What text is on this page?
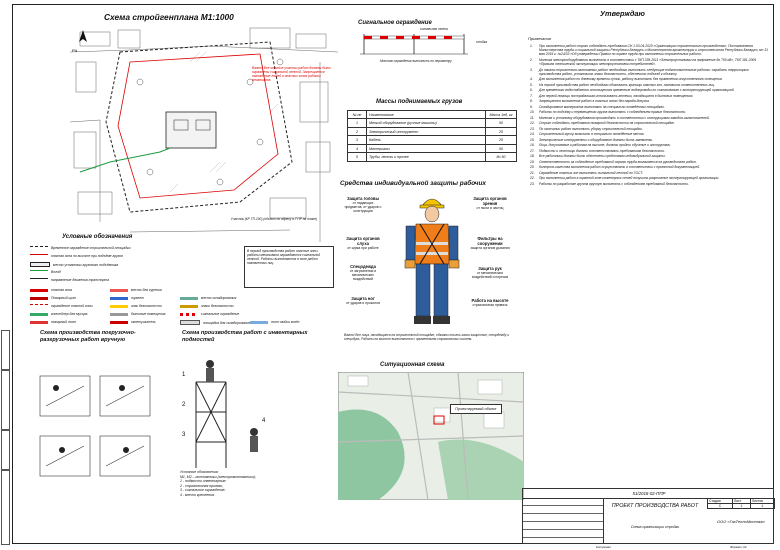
Схема стройгенплана М1:1000
РЧ
Важно! Все опасные участки работ должны быть ограждены сигнальной лентой. Запрещается нахождение людей в опасных зонах работы механизмов.
Участок (КР ТП-100) (объект по адресу п.7 ПР на плане)
В период производства работ опасные зоны работы механизмов ограждаются сигнальной лентой. Работы выполняются в зоне работ назначенных лиц.
Сигнальное ограждение
сигнальная лента
стойка
Монтаж ограждения выполнить по периметру
Массы поднимаемых грузов
№ пп	Наименование	Масса 1ед, кг
1	Мелкий оборудование (ручные машины)	50
2	Электрический инструмент	25
3	Кабель	25
4	Материалы	50
5	Трубы, ленты и прочее	до 50
Средства индивидуальной защиты рабочих
Защита головы
от падающих предметов, от ударов о конструкции
Защита органов зрения
от пыли и частиц
Защита органов слуха
от шума при работе
Фильтры на сооружении
защита органов дыхания
Спецодежда
от загрязнения и механических воздействий
Защита рук
от механических воздействий и порезов
Защита ног
от ударов и проколов	Работа на высоте
страховочная привязь
Важно! Все лица, находящиеся на строительной площадке, обязаны носить каски защитные, спецодежду и спецобувь. Работы на высоте выполняются с применением страховочных систем.
Условные обозначения
Временное ограждение строительной площадки
опасная зона по высоте при подъёме грузов
место установки грузового подъёмника
Въезд
направление движения транспорта
опасная зона
Пожарный щит
ограждение опасной зоны
контейнер для мусора
пожарный пост
место для курения
туалет
знак безопасности
бытовые помещения
огнетушитель
место складирования
знаки безопасности
сигнальное ограждение
площадка для складирования	пост мойки колёс
Схема производства погрузочно-разгрузочных работ вручную
Схема производства работ с инвентарных подмостей
1
2
3
4
Условные обозначения:
М1, М2 – монтажники (электромонтажники);
1 - подмости инвентарные;
2 - страховочная привязь;
3 - сигнальное ограждение;
4 - место крепления.
Ситуационная схема
Проектируемый объект
Утверждаю
Примечания
1.	При выполнении работ строго соблюдать требования СН 1.03.04-2020 «Организация строительного производства», Постановления Министерства труда и социальной защиты Республики Беларусь и Министерства архитектуры и строительства Республики Беларусь от 31 мая 2019 г. №24/33 «Об утверждении Правил по охране труда при выполнении строительных работ».
2.	Монтаж электрооборудования выполнять в соответствии с ТКП 339-2011 «Электроустановки на напряжение до 750 кВ», ТКП 181-2009 «Правила технической эксплуатации электроустановок потребителей».
3.	До начала строительно-монтажных работ необходимо выполнить следующие подготовительные работы: оградить территорию производства работ, установить знаки безопасности, обеспечить подъезд к объекту.
4.	Для выполнения работ по дневному времени суток, работу выполнять без применения искусственного освещения.
5.	На период производства работ необходимо обозначить границы опасных зон, назначить ответственных лиц.
6.	Для временного водоснабжения используются временные водопроводы по согласованию с эксплуатирующей организацией.
7.	Для первой помощи пострадавшим использовать аптечки, находящиеся в бытовых помещениях.
8.	Запрещается выполнение работ в опасных зонах без наряда-допуска.
9.	Складирование материалов выполнять на специально отведённых площадках.
10.	Работы по подъёму и перемещению грузов выполнять с соблюдением правил безопасности.
11.	Монтаж и установку оборудования производить в соответствии с инструкциями заводов-изготовителей.
12.	Строго соблюдать требования пожарной безопасности на строительной площадке.
13.	По окончании работ выполнить уборку строительной площадки.
14.	Строительный мусор вывозить в специально отведённые места.
15.	Электрические инструменты и оборудование должны быть заземлены.
16.	Лица, допускаемые к работам на высоте, должны пройти обучение и инструктаж.
17.	Подмости и лестницы должны соответствовать требованиям безопасности.
18.	Все работники должны быть обеспечены средствами индивидуальной защиты.
19.	Ответственность за соблюдение требований охраны труда возлагается на руководителя работ.
20.	Контроль качества выполнения работ осуществлять в соответствии с проектной документацией.
21.	Ограждение опасных зон выполнять сигнальной лентой по ГОСТ.
22.	При выполнении работ в охранной зоне инженерных сетей получить разрешение эксплуатирующей организации.
23.	Работы по разработке грунта вручную выполнять с соблюдением требований безопасности.
51/2018-02-ППР
ПРОЕКТ ПРОИЗВОДСТВА РАБОТ
Схема организации стройки
Стадия	Лист	Листов
С	1	1
ООО «ГазТеплоМонтаж»
Копировал	Формат А3
